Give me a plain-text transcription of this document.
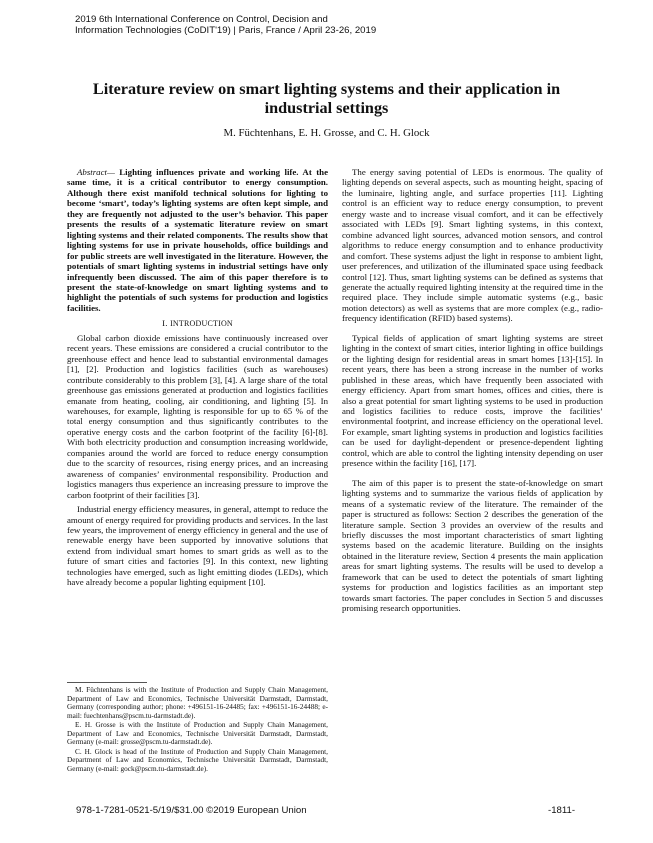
2019 6th International Conference on Control, Decision and
Information Technologies (CoDIT'19) | Paris, France / April 23-26, 2019
Literature review on smart lighting systems and their application in
industrial settings
M. Füchtenhans, E. H. Grosse, and C. H. Glock

Abstract— Lighting influences private and working life. At the same time, it is a critical contributor to energy consumption. Although there exist manifold technical solutions for lighting to become ‘smart’, today’s lighting systems are often kept simple, and they are frequently not adjusted to the user’s behavior. This paper presents the results of a systematic literature review on smart lighting systems and their related components. The results show that lighting systems for use in private households, office buildings and for public streets are well investigated in the literature. However, the potentials of smart lighting systems in industrial settings have only infrequently been discussed. The aim of this paper therefore is to present the state-of-knowledge on smart lighting systems and to highlight the potentials of such systems for production and logistics facilities.

I. INTRODUCTION

Global carbon dioxide emissions have continuously increased over recent years. These emissions are considered a crucial contributor to the greenhouse effect and hence lead to substantial environmental damages [1], [2]. Production and logistics facilities (such as warehouses) contribute considerably to this problem [3], [4]. A large share of the total greenhouse gas emissions generated at production and logistics facilities emanate from heating, cooling, air conditioning, and lighting [5]. In warehouses, for example, lighting is responsible for up to 65 % of the total energy consumption and thus significantly contributes to the operative energy costs and the carbon footprint of the facility [6]-[8]. With both electricity production and consumption increasing worldwide, companies around the world are forced to reduce energy consumption due to the scarcity of resources, rising energy prices, and an increasing awareness of companies’ environmental responsibility. Production and logistics managers thus experience an increasing pressure to improve the carbon footprint of their facilities [3].

Industrial energy efficiency measures, in general, attempt to reduce the amount of energy required for providing products and services. In the last few years, the improvement of energy efficiency in general and the use of renewable energy have been supported by innovative solutions that extend from individual smart homes to smart grids as well as to the future of smart cities and factories [9]. In this context, new lighting technologies have emerged, such as light emitting diodes (LEDs), which have already become a popular lighting equipment [10].

M. Füchtenhans is with the Institute of Production and Supply Chain Management, Department of Law and Economics, Technische Universität Darmstadt, Darmstadt, Germany (corresponding author; phone: +496151-16-24485; fax: +496151-16-24488; e-mail: fuechtenhans@pscm.tu-darmstadt.de).

E. H. Grosse is with the Institute of Production and Supply Chain Management, Department of Law and Economics, Technische Universität Darmstadt, Darmstadt, Germany (e-mail: grosse@pscm.tu-darmstadt.de).

C. H. Glock is head of the Institute of Production and Supply Chain Management, Department of Law and Economics, Technische Universität Darmstadt, Darmstadt, Germany (e-mail: gock@pscm.tu-darmstadt.de).

The energy saving potential of LEDs is enormous. The quality of lighting depends on several aspects, such as mounting height, spacing of the luminaire, lighting angle, and surface properties [11]. Lighting control is an efficient way to reduce energy consumption, to prevent energy waste and to increase visual comfort, and it can be effectively associated with LEDs [9]. Smart lighting systems, in this context, combine advanced light sources, advanced motion sensors, and control algorithms to reduce energy consumption and to enhance productivity and comfort. These systems adjust the light in response to ambient light, user preferences, and utilization of the illuminated space using feedback control [12]. Thus, smart lighting systems can be defined as systems that generate the actually required lighting intensity at the required time in the required place. They include simple automatic systems (e.g., basic motion detectors) as well as systems that are more complex (e.g., radio-frequency identification (RFID) based systems).

Typical fields of application of smart lighting systems are street lighting in the context of smart cities, interior lighting in office buildings or the lighting design for residential areas in smart homes [13]-[15]. In recent years, there has been a strong increase in the number of works published in these areas, which have frequently been associated with energy efficiency. Apart from smart homes, offices and cities, there is also a great potential for smart lighting systems to be used in production and logistics facilities to reduce costs, improve the facilities’ environmental footprint, and increase efficiency on the operational level. For example, smart lighting systems in production and logistics facilities can be used for daylight-dependent or presence-dependent lighting control, which are able to control the lighting intensity depending on user presence within the facility [16], [17].

The aim of this paper is to present the state-of-knowledge on smart lighting systems and to summarize the various fields of application by means of a systematic review of the literature. The remainder of the paper is structured as follows: Section 2 describes the generation of the literature sample. Section 3 provides an overview of the results and briefly discusses the most important characteristics of smart lighting systems based on the academic literature. Building on the insights obtained in the literature review, Section 4 presents the main application areas for smart lighting systems. The results will be used to develop a framework that can be used to detect the potentials of smart lighting systems for production and logistics facilities as an important step towards smart factories. The paper concludes in Section 5 and discusses promising research opportunities.

978-1-7281-0521-5/19/$31.00 ©2019 European Union	-1811-
